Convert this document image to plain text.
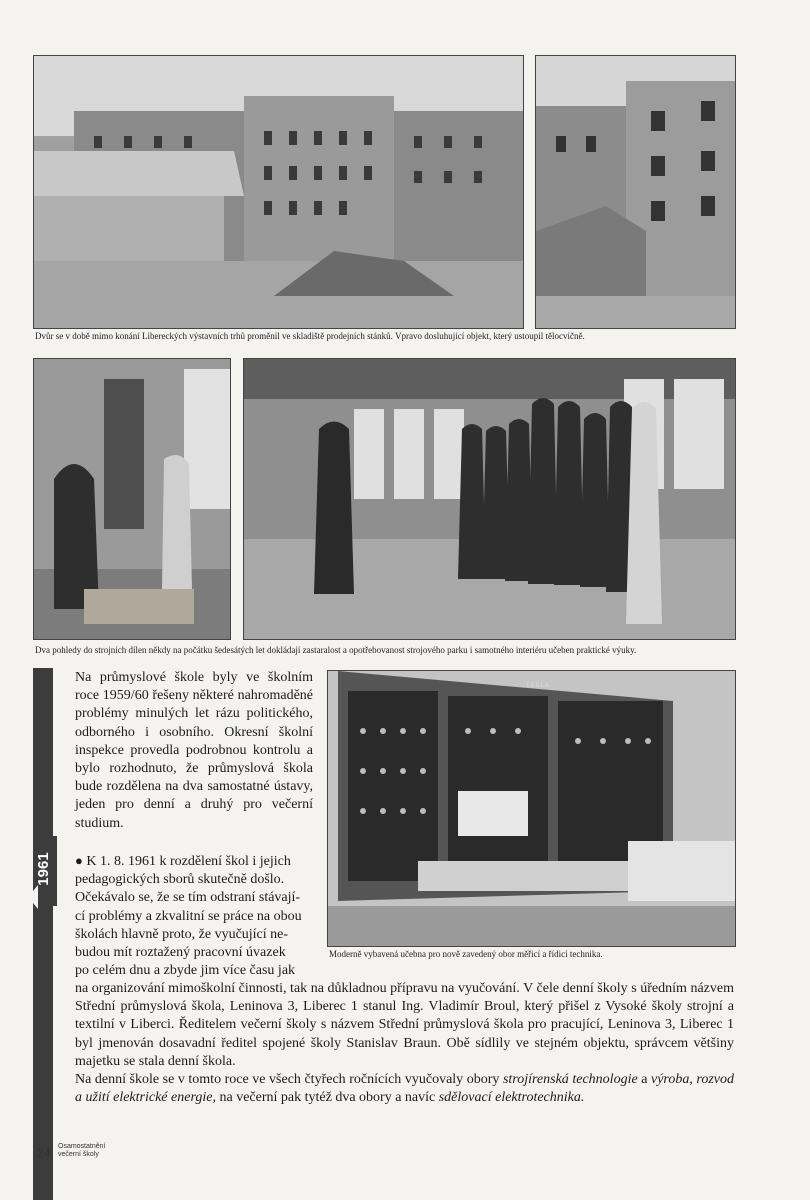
Dvůr se v době mimo konání Libereckých výstavních trhů proměnil ve skladiště prodejních stánků. Vpravo dosluhující objekt, který ustoupil tělocvičně.
Dva pohledy do strojních dílen někdy na počátku šedesátých let dokládají zastaralost a opotřebovanost strojového parku i samotného interiéru učeben praktické výuky.
TESLA
Moderně vybavená učebna pro nově zavedený obor měřicí a řídicí technika.
1961

Na průmyslové škole byly ve školním roce 1959/60 řešeny některé nahromaděné problémy minulých let rázu politického, odborného i osobního. Okresní školní inspekce provedla podrobnou kontrolu a bylo rozhodnuto, že průmyslová škola bude rozdělena na dva samostatné ústavy, jeden pro denní a druhý pro večerní studium.

● K 1. 8. 1961 k rozdělení škol i jejich
pedagogických sborů skutečně došlo.
Očekávalo se, že se tím odstraní stávají-
cí problémy a zkvalitní se práce na obou
školách hlavně proto, že vyučující ne-
budou mít roztažený pracovní úvazek
po celém dnu a zbyde jim více času jak

na organizování mimoškolní činnosti, tak na důkladnou přípravu na vyučování. V čele denní školy s úředním názvem Střední průmyslová škola, Leninova 3, Liberec 1 stanul Ing. Vladimír Broul, který přišel z Vysoké školy strojní a textilní v Liberci. Ředitelem večerní školy s názvem Střední průmyslová škola pro pracující, Leninova 3, Liberec 1 byl jmenován dosavadní ředitel spojené školy Stanislav Braun. Obě sídlily ve stejném objektu, správcem většiny majetku se stala denní škola.

Na denní škole se v tomto roce ve všech čtyřech ročnících vyučovaly obory strojírenská technologie a výroba, rozvod a užití elektrické energie, na večerní pak tytéž dva obory a navíc sdělovací elektrotechnika.

24 Osamostatnění večerní školy
